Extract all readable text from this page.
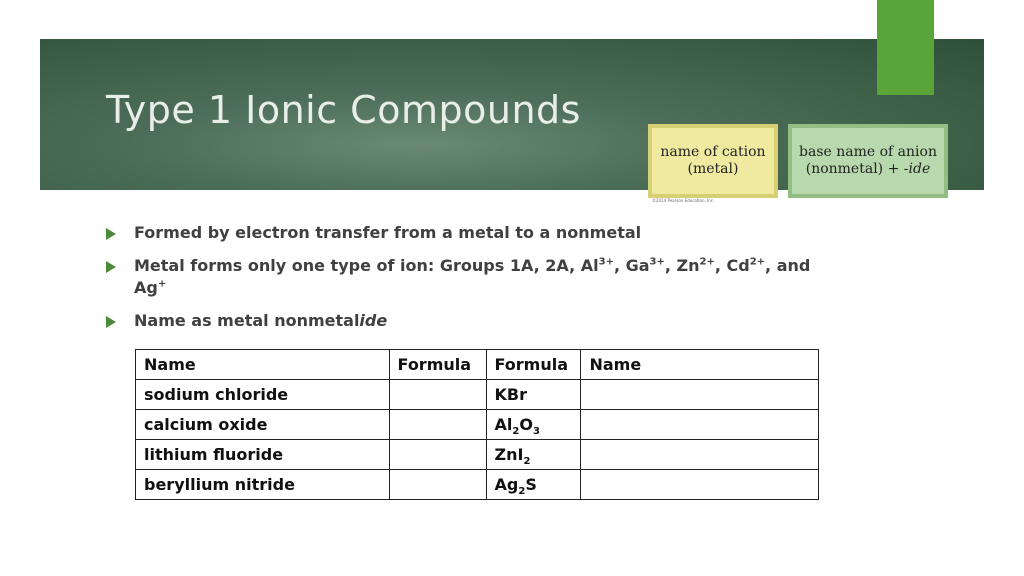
Type 1 Ionic Compounds
name of cation
(metal)
base name of anion
(nonmetal) + -ide
©2014 Pearson Education, Inc.
Formed by electron transfer from a metal to a nonmetal
Metal forms only one type of ion: Groups 1A, 2A, $Al^{3+}$, $Ga^{3+}$, $Zn^{2+}$, $Cd^{2+}$, and Ag+
Name as metal nonmetalide
Name	Formula	Formula	Name
sodium chloride		KBr	
calcium oxide		$Al_2O_3$	
lithium fluoride		ZnI$_2$	
beryllium nitride		$Ag_2S$	
